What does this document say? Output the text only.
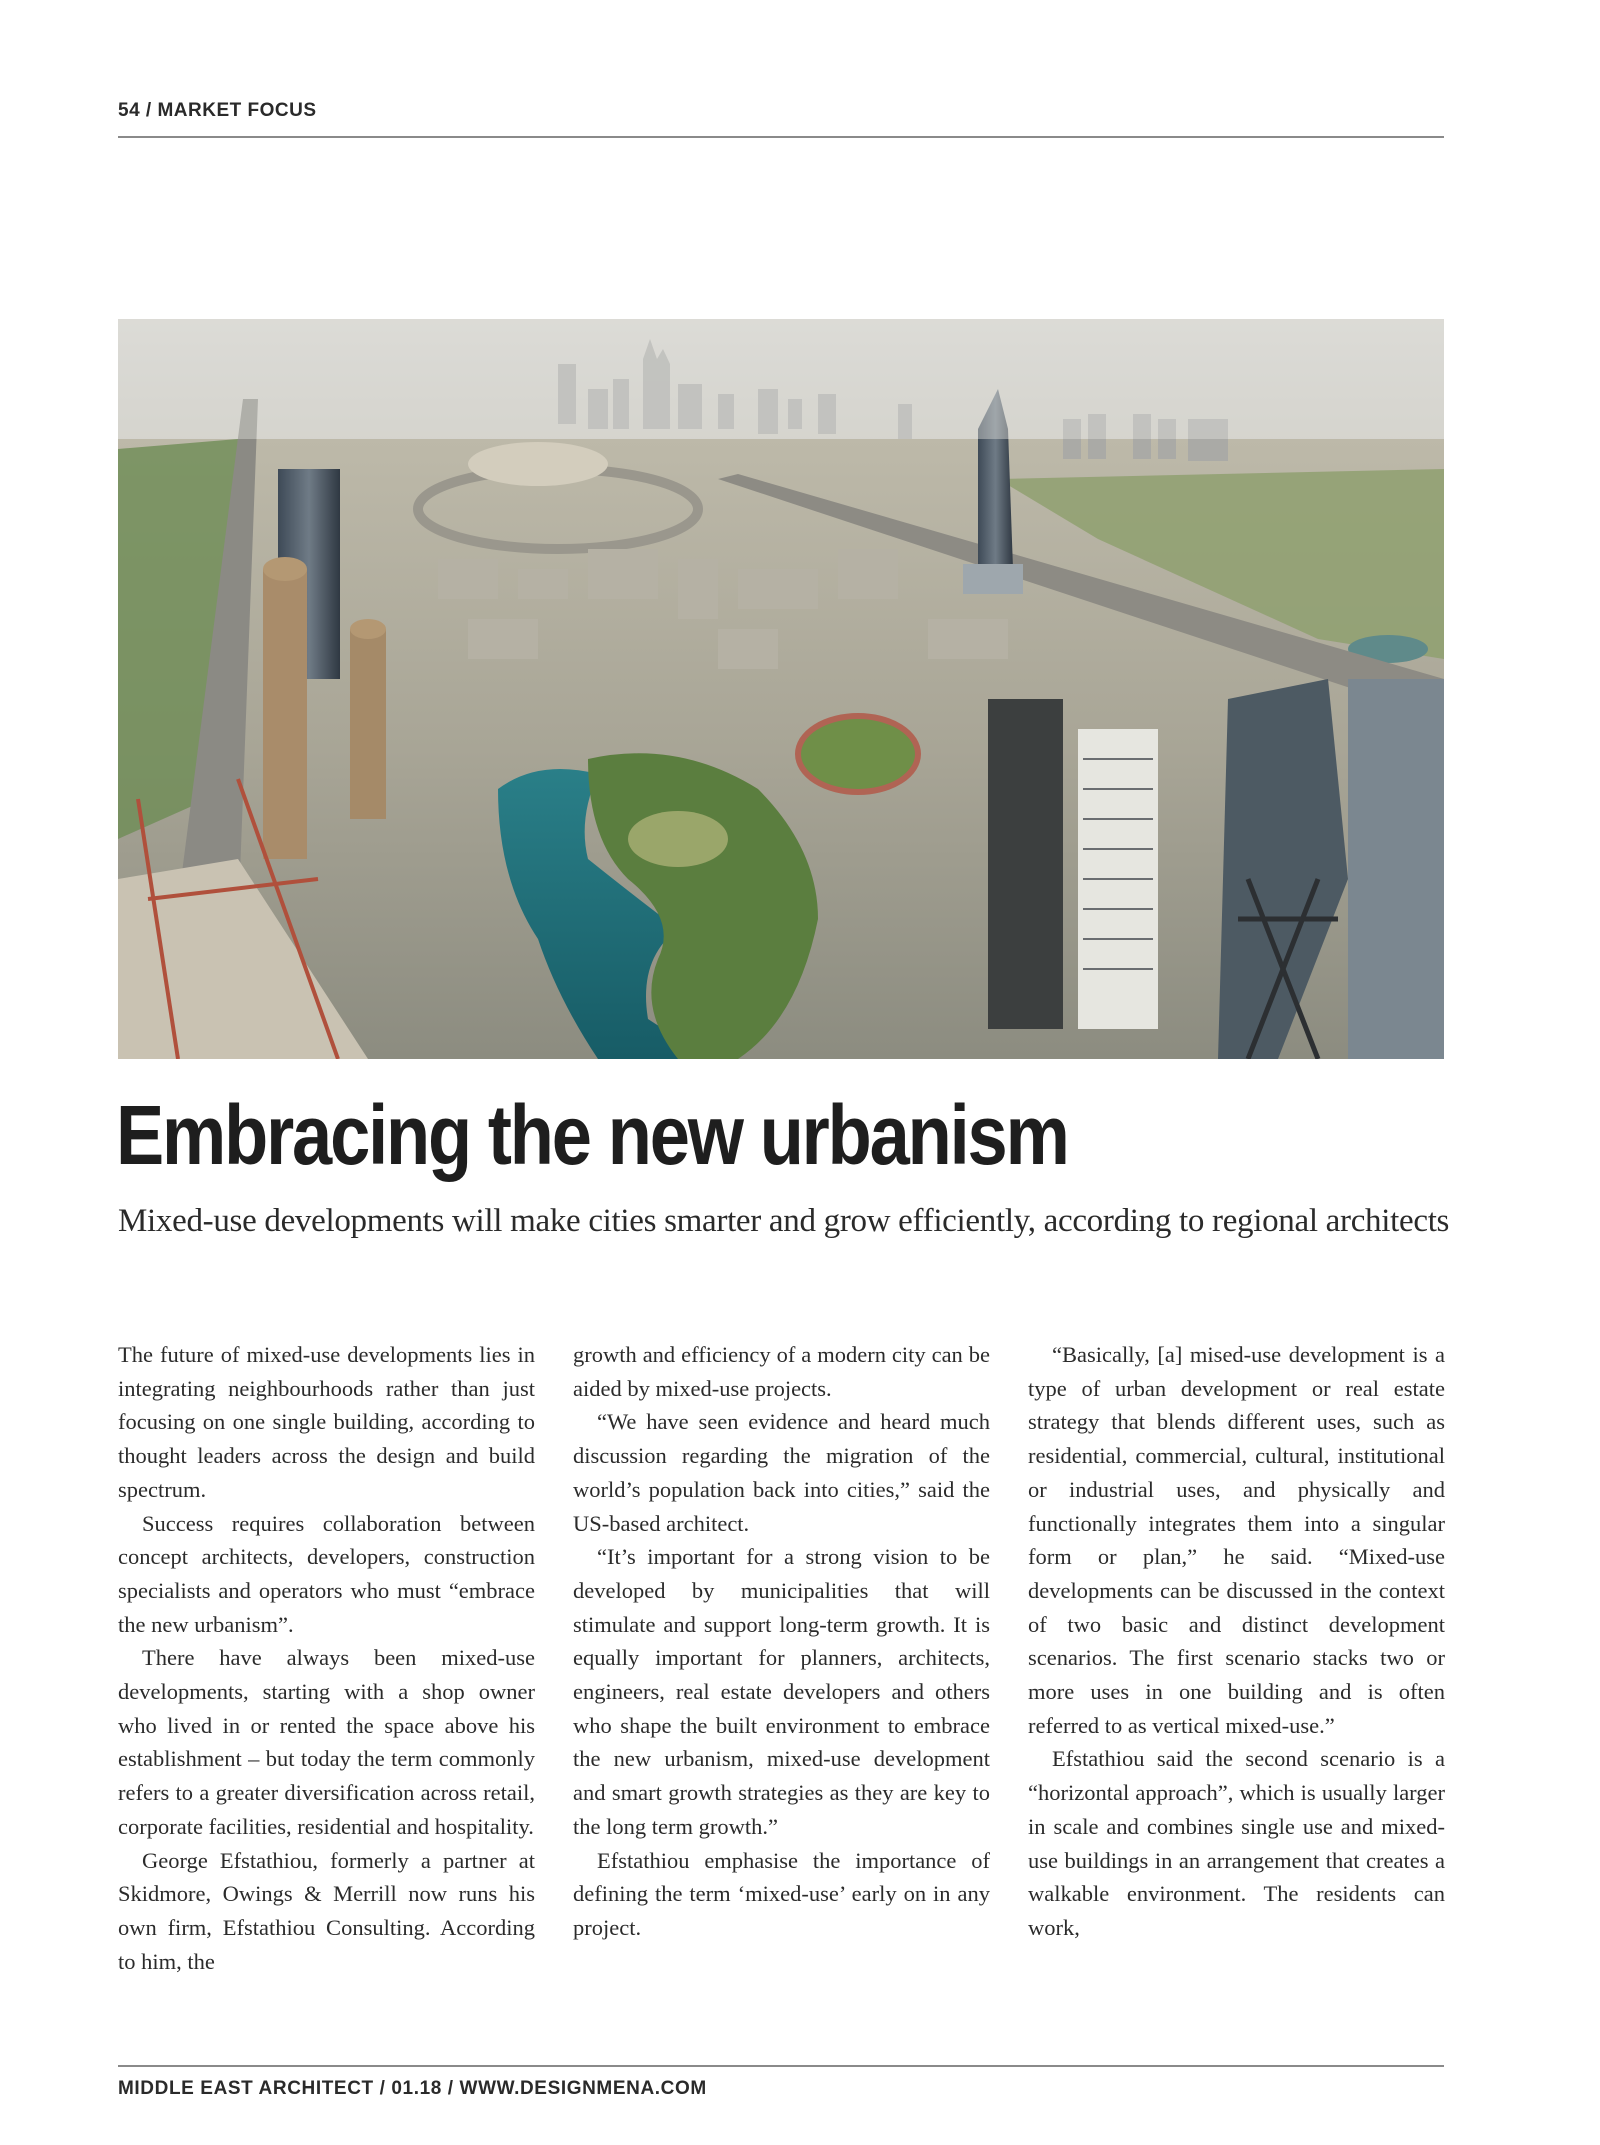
54 / MARKET FOCUS
Embracing the new urbanism

Mixed-use developments will make cities smarter and grow efficiently, according to regional architects

The future of mixed-use developments lies in integrating neighbourhoods rather than just focusing on one single building, according to thought leaders across the design and build spectrum.

Success requires collaboration between concept architects, developers, construction specialists and operators who must “embrace the new urbanism”.

There have always been mixed-use developments, starting with a shop owner who lived in or rented the space above his establishment – but today the term commonly refers to a greater diversification across retail, corporate facilities, residential and hospitality.

George Efstathiou, formerly a partner at Skidmore, Owings & Merrill now runs his own firm, Efstathiou Consulting. According to him, the

growth and efficiency of a modern city can be aided by mixed-use projects.

“We have seen evidence and heard much discussion regarding the migration of the world’s population back into cities,” said the US-based architect.

“It’s important for a strong vision to be developed by municipalities that will stimulate and support long-term growth. It is equally important for planners, architects, engineers, real estate developers and others who shape the built environment to embrace the new urbanism, mixed-use development and smart growth strategies as they are key to the long term growth.”

Efstathiou emphasise the importance of defining the term ‘mixed-use’ early on in any project.

“Basically, [a] mised-use development is a type of urban development or real estate strategy that blends different uses, such as residential, commercial, cultural, institutional or industrial uses, and physically and functionally integrates them into a singular form or plan,” he said. “Mixed-use developments can be discussed in the context of two basic and distinct development scenarios. The first scenario stacks two or more uses in one building and is often referred to as vertical mixed-use.”

Efstathiou said the second scenario is a “horizontal approach”, which is usually larger in scale and combines single use and mixed-use buildings in an arrangement that creates a walkable environment. The residents can work,

MIDDLE EAST ARCHITECT / 01.18 / WWW.DESIGNMENA.COM
